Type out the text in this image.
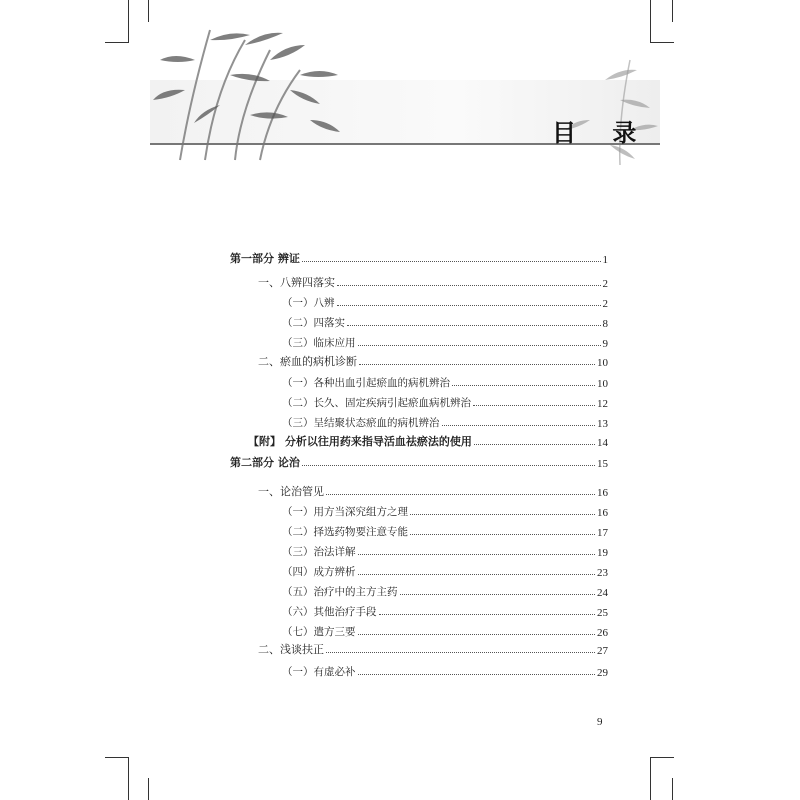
目 录
第一部分 辨证	1
一、八辨四落实	2
（一）八辨	2
（二）四落实	8
（三）临床应用	9
二、瘀血的病机诊断	10
（一）各种出血引起瘀血的病机辨治	10
（二）长久、固定疾病引起瘀血病机辨治	12
（三）呈结聚状态瘀血的病机辨治	13
【附】 分析以往用药来指导活血祛瘀法的使用	14
第二部分 论治	15
一、论治管见	16
（一）用方当深究组方之理	16
（二）择选药物要注意专能	17
（三）治法详解	19
（四）成方辨析	23
（五）治疗中的主方主药	24
（六）其他治疗手段	25
（七）遣方三要	26
二、浅谈扶正	27
（一）有虚必补	29
9
